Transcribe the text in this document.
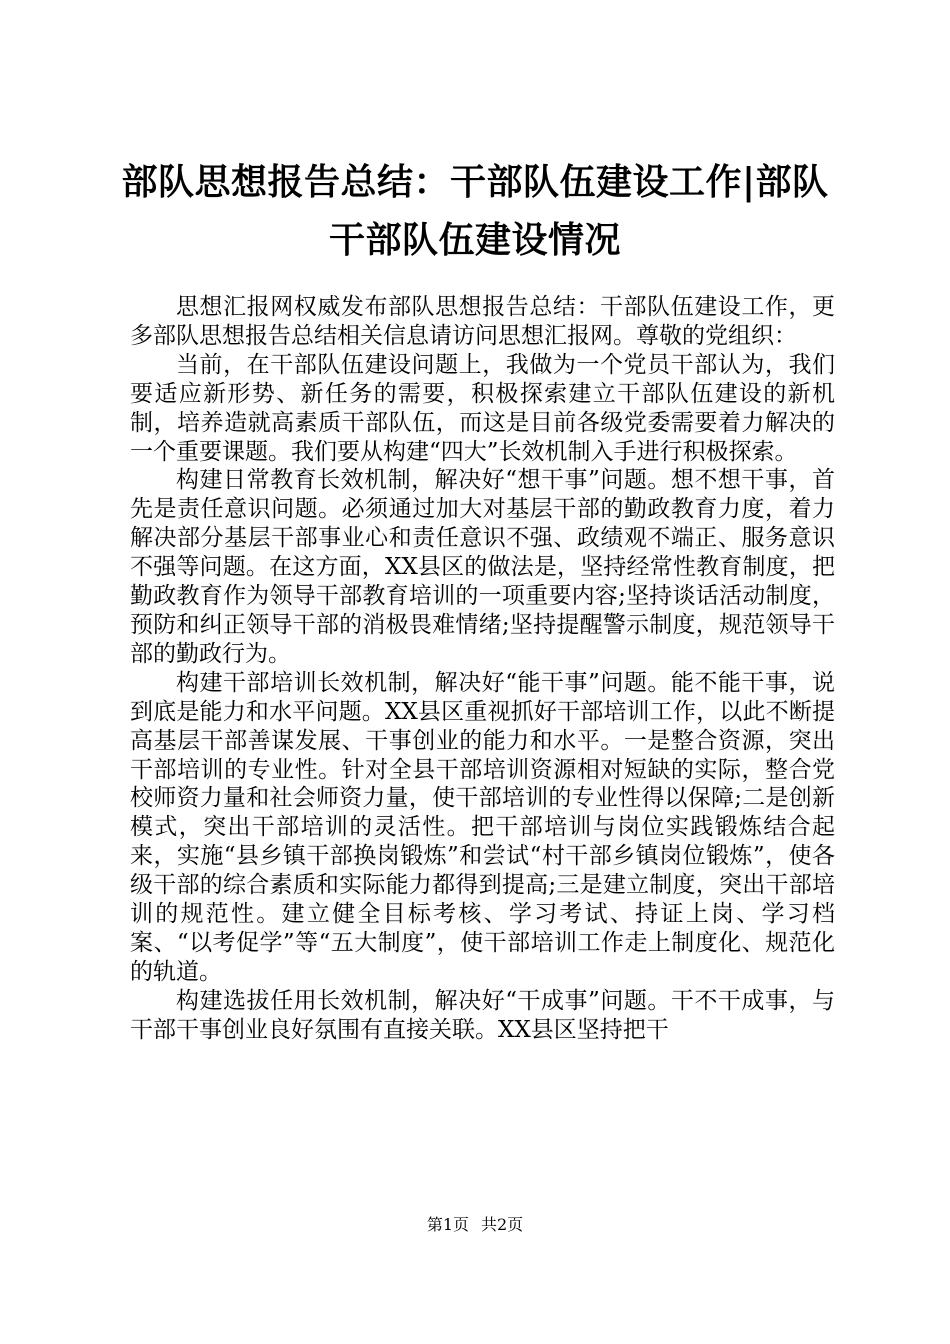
部队思想报告总结：干部队伍建设工作|部队
干部队伍建设情况

思想汇报网权威发布部队思想报告总结：干部队伍建设工作，更多部队思想报告总结相关信息请访问思想汇报网。尊敬的党组织：

当前，在干部队伍建设问题上，我做为一个党员干部认为，我们要适应新形势、新任务的需要，积极探索建立干部队伍建设的新机制，培养造就高素质干部队伍，而这是目前各级党委需要着力解决的一个重要课题。我们要从构建“四大”长效机制入手进行积极探索。

构建日常教育长效机制，解决好“想干事”问题。想不想干事，首先是责任意识问题。必须通过加大对基层干部的勤政教育力度，着力解决部分基层干部事业心和责任意识不强、政绩观不端正、服务意识不强等问题。在这方面，XX县区的做法是，坚持经常性教育制度，把勤政教育作为领导干部教育培训的一项重要内容;坚持谈话活动制度，预防和纠正领导干部的消极畏难情绪;坚持提醒警示制度，规范领导干部的勤政行为。

构建干部培训长效机制，解决好“能干事”问题。能不能干事，说到底是能力和水平问题。XX县区重视抓好干部培训工作，以此不断提高基层干部善谋发展、干事创业的能力和水平。一是整合资源，突出干部培训的专业性。针对全县干部培训资源相对短缺的实际，整合党校师资力量和社会师资力量，使干部培训的专业性得以保障;二是创新模式，突出干部培训的灵活性。把干部培训与岗位实践锻炼结合起来，实施“县乡镇干部换岗锻炼”和尝试“村干部乡镇岗位锻炼”，使各级干部的综合素质和实际能力都得到提高;三是建立制度，突出干部培训的规范性。建立健全目标考核、学习考试、持证上岗、学习档案、“以考促学”等“五大制度”，使干部培训工作走上制度化、规范化的轨道。

构建选拔任用长效机制，解决好“干成事”问题。干不干成事，与干部干事创业良好氛围有直接关联。XX县区坚持把干

第1页 共2页
